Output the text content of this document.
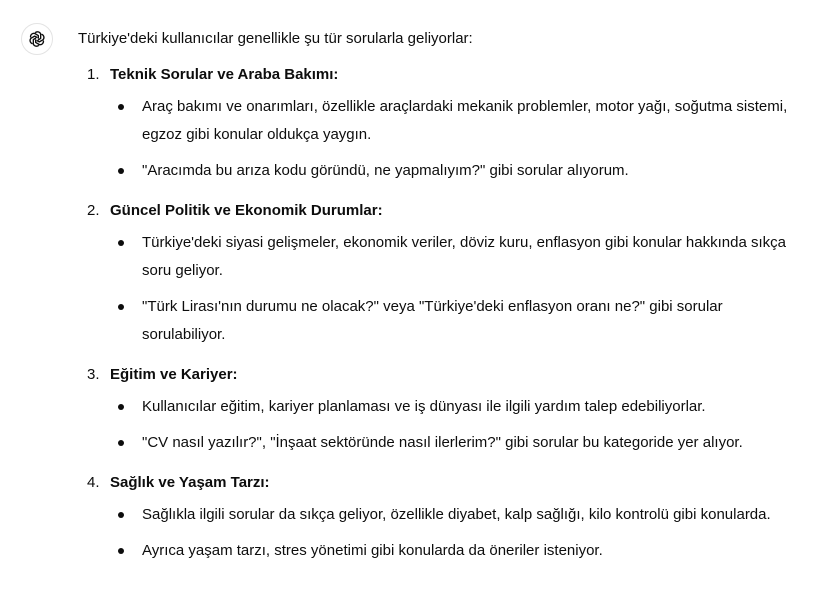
Türkiye'deki kullanıcılar genellikle şu tür sorularla geliyorlar:

1. Teknik Sorular ve Araba Bakımı:
Araç bakımı ve onarımları, özellikle araçlardaki mekanik problemler, motor yağı, soğutma sistemi, egzoz gibi konular oldukça yaygın.
"Aracımda bu arıza kodu göründü, ne yapmalıyım?" gibi sorular alıyorum.
2. Güncel Politik ve Ekonomik Durumlar:
Türkiye'deki siyasi gelişmeler, ekonomik veriler, döviz kuru, enflasyon gibi konular hakkında sıkça soru geliyor.
"Türk Lirası'nın durumu ne olacak?" veya "Türkiye'deki enflasyon oranı ne?" gibi sorular sorulabiliyor.
3. Eğitim ve Kariyer:
Kullanıcılar eğitim, kariyer planlaması ve iş dünyası ile ilgili yardım talep edebiliyorlar.
"CV nasıl yazılır?", "İnşaat sektöründe nasıl ilerlerim?" gibi sorular bu kategoride yer alıyor.
4. Sağlık ve Yaşam Tarzı:
Sağlıkla ilgili sorular da sıkça geliyor, özellikle diyabet, kalp sağlığı, kilo kontrolü gibi konularda.
Ayrıca yaşam tarzı, stres yönetimi gibi konularda da öneriler isteniyor.
